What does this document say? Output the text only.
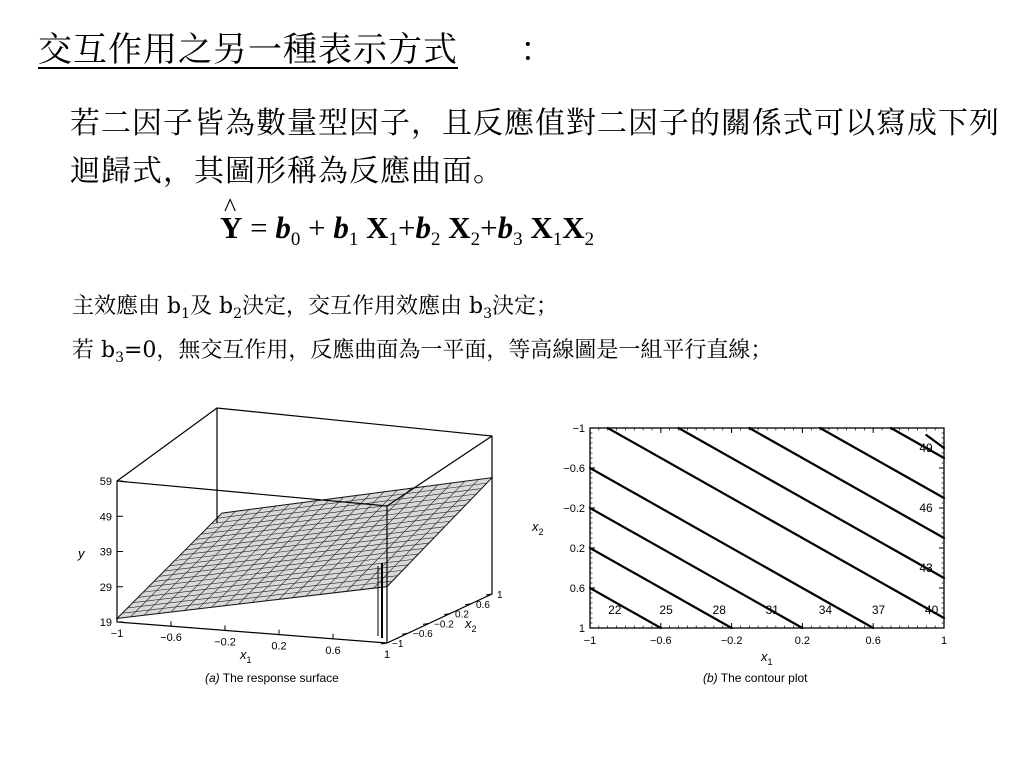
交互作用之另一種表示方式 ：
若二因子皆為數量型因子，且反應值對二因子的關係式可以寫成下列迴歸式，其圖形稱為反應曲面。
^ $Y = b_0 + b_1$ $X_1+b_2$ $X_2+b_3$ $X_1X_2$
主效應由 $b_1$及 $b_2$決定，交互作用效應由 $b_3$決定；
若 $b_3=0$，無交互作用，反應曲面為一平面，等高線圖是一組平行直線；
19
29
39
49
59
−1	−0.6	−0.2	0.2	0.6	1
−1
−0.6
−0.2
0.2
0.6
1
y
$x_1$
$x_2$
(a) The response surface
−1	−0.6	−0.2	0.2	0.6	1
−1
−0.6
−0.2
0.2
0.6
1
22	25	28	31	34	37	40
49
46
43
$x_1$
$x_2$
(b) The contour plot
